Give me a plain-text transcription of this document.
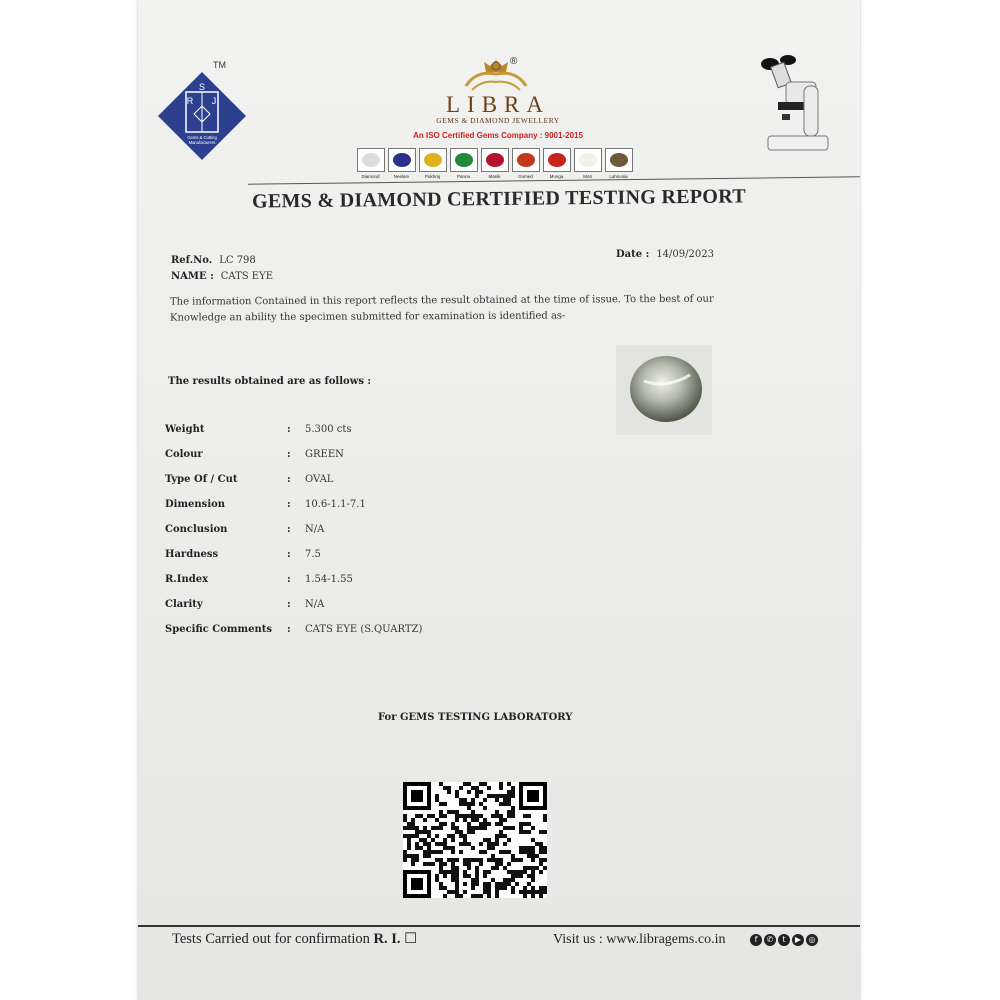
TM
S
R J
Gems & Cutting
Manufacturers
®
LIBRA
GEMS & DIAMOND JEWELLERY
An ISO Certified Gems Company : 9001-2015
Diamond	Neelam	Pukhraj	Panna	Manik	Gomed	Munga	Moti	Lahsunia
GEMS & DIAMOND CERTIFIED TESTING REPORT
Ref.No. LC 798
NAME : CATS EYE
Date : 14/09/2023
The information Contained in this report reflects the result obtained at the time of issue. To the best of our Knowledge an ability the specimen submitted for examination is identified as-
The results obtained are as follows :
Weight	: 5.300 cts
Colour	: GREEN
Type Of / Cut	: OVAL
Dimension	: 10.6-1.1-7.1
Conclusion	: N/A
Hardness	: 7.5
R.Index	: 1.54-1.55
Clarity	: N/A
Specific Comments : CATS EYE (S.QUARTZ)
For GEMS TESTING LABORATORY
Tests Carried out for confirmation R. I. ☐	Visit us : www.libragems.co.in	f	✆	t	▶ ◎
